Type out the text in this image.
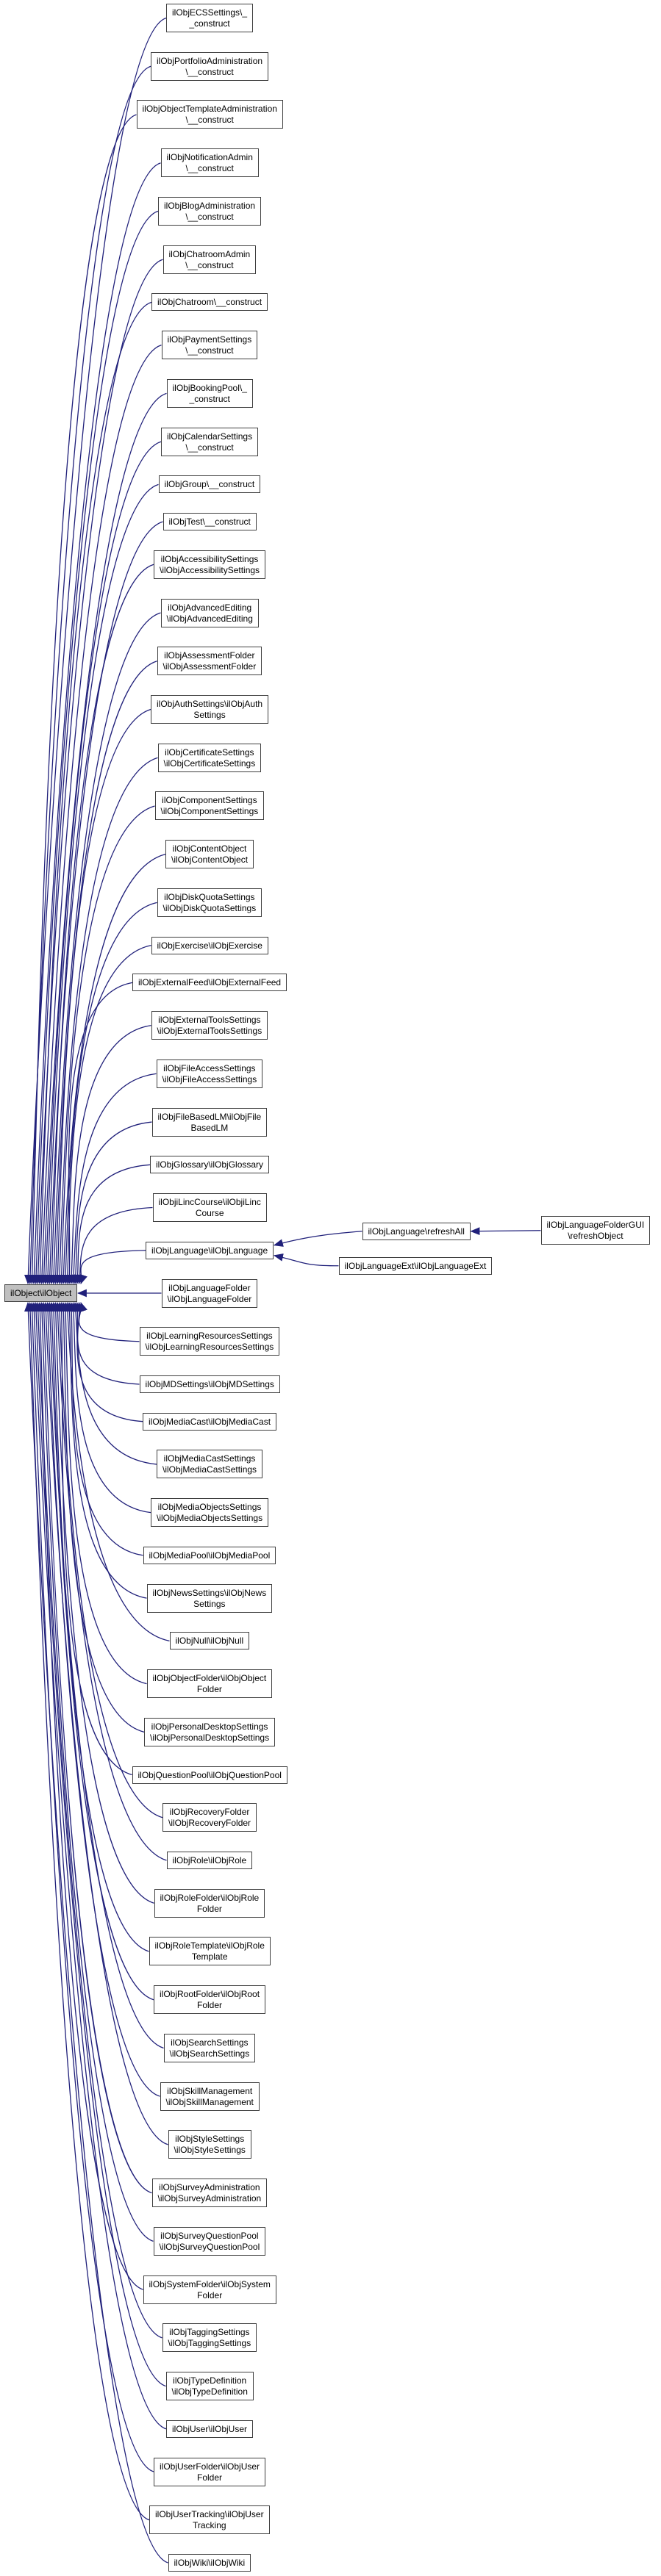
ilObjECSSettings\_
_construct
ilObjPortfolioAdministration
\__construct
ilObjObjectTemplateAdministration
\__construct
ilObjNotificationAdmin
\__construct
ilObjBlogAdministration
\__construct
ilObjChatroomAdmin
\__construct
ilObjChatroom\__construct
ilObjPaymentSettings
\__construct
ilObjBookingPool\_
_construct
ilObjCalendarSettings
\__construct
ilObjGroup\__construct
ilObjTest\__construct
ilObjAccessibilitySettings
\ilObjAccessibilitySettings
ilObjAdvancedEditing
\ilObjAdvancedEditing
ilObjAssessmentFolder
\ilObjAssessmentFolder
ilObjAuthSettings\ilObjAuth
Settings
ilObjCertificateSettings
\ilObjCertificateSettings
ilObjComponentSettings
\ilObjComponentSettings
ilObjContentObject
\ilObjContentObject
ilObjDiskQuotaSettings
\ilObjDiskQuotaSettings
ilObjExercise\ilObjExercise
ilObjExternalFeed\ilObjExternalFeed
ilObjExternalToolsSettings
\ilObjExternalToolsSettings
ilObjFileAccessSettings
\ilObjFileAccessSettings
ilObjFileBasedLM\ilObjFile
BasedLM
ilObjGlossary\ilObjGlossary
ilObjiLincCourse\ilObjiLinc
Course
ilObjLanguage\ilObjLanguage
ilObjLanguageFolder
\ilObjLanguageFolder
ilObjLearningResourcesSettings
\ilObjLearningResourcesSettings
ilObjMDSettings\ilObjMDSettings
ilObjMediaCast\ilObjMediaCast
ilObjMediaCastSettings
\ilObjMediaCastSettings
ilObjMediaObjectsSettings
\ilObjMediaObjectsSettings
ilObjMediaPool\ilObjMediaPool
ilObjNewsSettings\ilObjNews
Settings
ilObjNull\ilObjNull
ilObjObjectFolder\ilObjObject
Folder
ilObjPersonalDesktopSettings
\ilObjPersonalDesktopSettings
ilObjQuestionPool\ilObjQuestionPool
ilObjRecoveryFolder
\ilObjRecoveryFolder
ilObjRole\ilObjRole
ilObjRoleFolder\ilObjRole
Folder
ilObjRoleTemplate\ilObjRole
Template
ilObjRootFolder\ilObjRoot
Folder
ilObjSearchSettings
\ilObjSearchSettings
ilObjSkillManagement
\ilObjSkillManagement
ilObjStyleSettings
\ilObjStyleSettings
ilObjSurveyAdministration
\ilObjSurveyAdministration
ilObjSurveyQuestionPool
\ilObjSurveyQuestionPool
ilObjSystemFolder\ilObjSystem
Folder
ilObjTaggingSettings
\ilObjTaggingSettings
ilObjTypeDefinition
\ilObjTypeDefinition
ilObjUser\ilObjUser
ilObjUserFolder\ilObjUser
Folder
ilObjUserTracking\ilObjUser
Tracking
ilObjWiki\ilObjWiki
ilObject\ilObject
ilObjLanguage\refreshAll
ilObjLanguageExt\ilObjLanguageExt
ilObjLanguageFolderGUI
\refreshObject
